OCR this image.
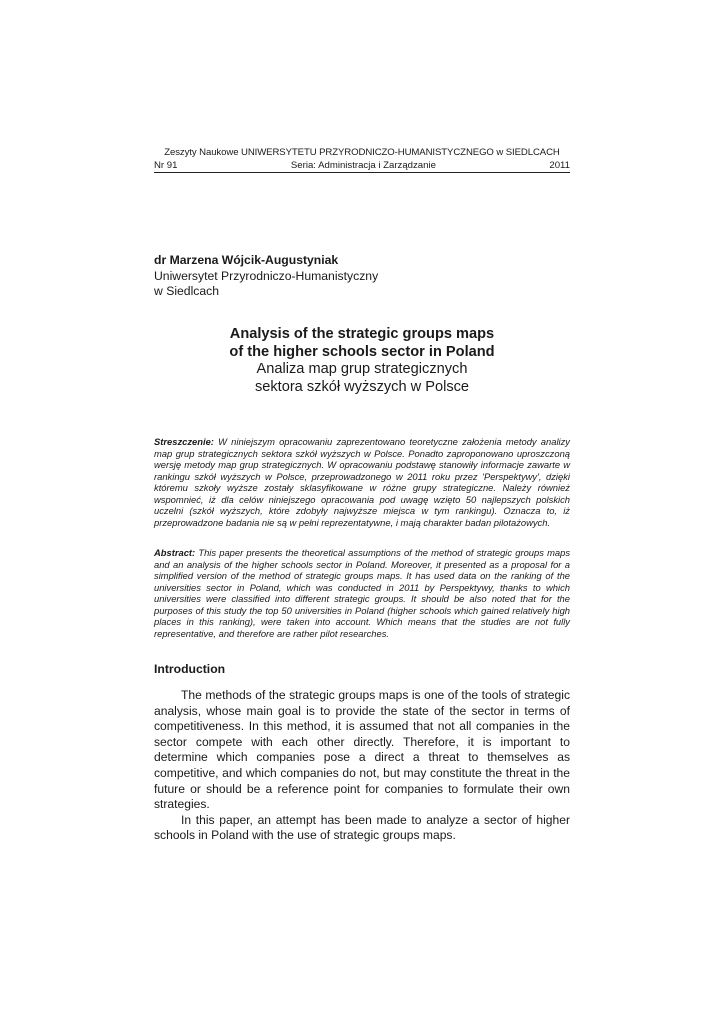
Zeszyty Naukowe UNIWERSYTETU PRZYRODNICZO-HUMANISTYCZNEGO w SIEDLCACH
Nr 91	Seria: Administracja i Zarządzanie	2011
dr Marzena Wójcik-Augustyniak
Uniwersytet Przyrodniczo-Humanistyczny
w Siedlcach
Analysis of the strategic groups maps
of the higher schools sector in Poland
Analiza map grup strategicznych
sektora szkół wyższych w Polsce
Streszczenie: W niniejszym opracowaniu zaprezentowano teoretyczne założenia metody analizy map grup strategicznych sektora szkół wyższych w Polsce. Ponadto zaproponowano uproszczoną wersję metody map grup strategicznych. W opracowaniu podstawę stanowiły informacje zawarte w rankingu szkół wyższych w Polsce, przeprowadzonego w 2011 roku przez 'Perspektywy', dzięki któremu szkoły wyższe zostały sklasyfikowane w różne grupy strategiczne. Należy również wspomnieć, iż dla celów niniejszego opracowania pod uwagę wzięto 50 najlepszych polskich uczelni (szkół wyższych, które zdobyły najwyższe miejsca w tym rankingu). Oznacza to, iż przeprowadzone badania nie są w pełni reprezentatywne, i mają charakter badan pilotażowych.
Abstract: This paper presents the theoretical assumptions of the method of strategic groups maps and an analysis of the higher schools sector in Poland. Moreover, it presented as a proposal for a simplified version of the method of strategic groups maps. It has used data on the ranking of the universities sector in Poland, which was conducted in 2011 by Perspektywy, thanks to which universities were classified into different strategic groups. It should be also noted that for the purposes of this study the top 50 universities in Poland (higher schools which gained relatively high places in this ranking), were taken into account. Which means that the studies are not fully representative, and therefore are rather pilot researches.
Introduction

The methods of the strategic groups maps is one of the tools of strategic analysis, whose main goal is to provide the state of the sector in terms of competitiveness. In this method, it is assumed that not all companies in the sector compete with each other directly. Therefore, it is important to determine which companies pose a direct a threat to themselves as competitive, and which companies do not, but may constitute the threat in the future or should be a reference point for companies to formulate their own strategies.

In this paper, an attempt has been made to analyze a sector of higher schools in Poland with the use of strategic groups maps.
